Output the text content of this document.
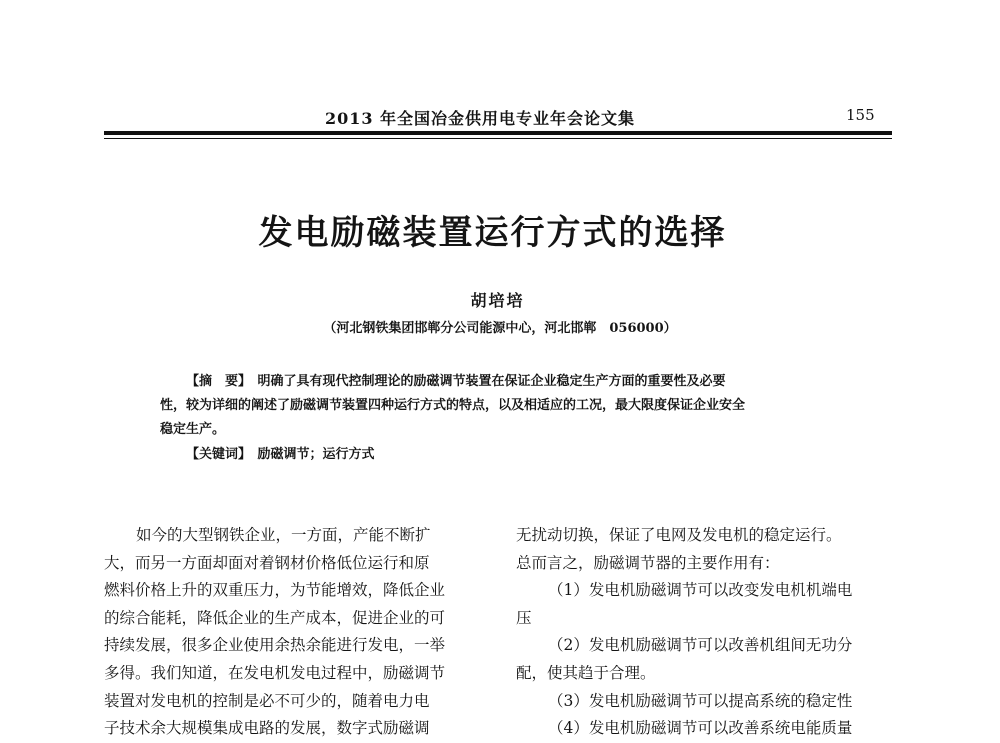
2013 年全国冶金供用电专业年会论文集	155
发电励磁装置运行方式的选择
胡培培
（河北钢铁集团邯郸分公司能源中心，河北邯郸　056000）
【摘　要】　 明确了具有现代控制理论的励磁调节装置在保证企业稳定生产方面的重要性及必要
性，较为详细的阐述了励磁调节装置四种运行方式的特点，以及相适应的工况，最大限度保证企业安全
稳定生产。
【关键词】　 励磁调节；运行方式
如今的大型钢铁企业，一方面，产能不断扩
大，而另一方面却面对着钢材价格低位运行和原
燃料价格上升的双重压力，为节能增效，降低企业
的综合能耗，降低企业的生产成本，促进企业的可
持续发展，很多企业使用余热余能进行发电，一举
多得。我们知道，在发电机发电过程中，励磁调节
装置对发电机的控制是必不可少的，随着电力电
子技术余大规模集成电路的发展，数字式励磁调
无扰动切换，保证了电网及发电机的稳定运行。
总而言之，励磁调节器的主要作用有：
（1）发电机励磁调节可以改变发电机机端电
压
（2）发电机励磁调节可以改善机组间无功分
配，使其趋于合理。
（3）发电机励磁调节可以提高系统的稳定性
（4）发电机励磁调节可以改善系统电能质量
